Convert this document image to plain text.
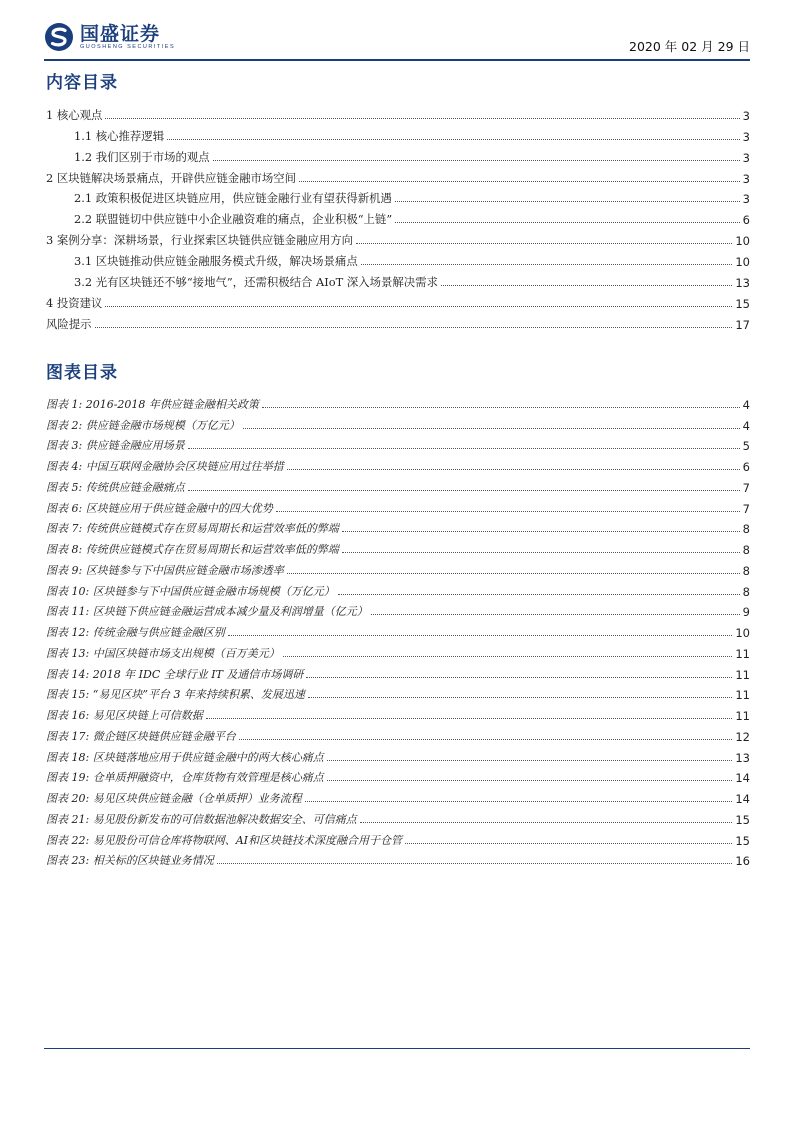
国盛证券
GUOSHENG SECURITIES	2020 年 02 月 29 日
内容目录
1 核心观点	3
1.1 核心推荐逻辑	3
1.2 我们区别于市场的观点	3
2 区块链解决场景痛点，开辟供应链金融市场空间	3
2.1 政策积极促进区块链应用，供应链金融行业有望获得新机遇	3
2.2 联盟链切中供应链中小企业融资难的痛点，企业积极“上链”	6
3 案例分享：深耕场景，行业探索区块链供应链金融应用方向	10
3.1 区块链推动供应链金融服务模式升级，解决场景痛点	10
3.2 光有区块链还不够“接地气”，还需积极结合 AIoT 深入场景解决需求	13
4 投资建议	15
风险提示	17
图表目录
图表 1: 2016-2018 年供应链金融相关政策	4
图表 2: 供应链金融市场规模（万亿元）	4
图表 3: 供应链金融应用场景	5
图表 4: 中国互联网金融协会区块链应用过往举措	6
图表 5: 传统供应链金融痛点	7
图表 6: 区块链应用于供应链金融中的四大优势	7
图表 7: 传统供应链模式存在贸易周期长和运营效率低的弊端	8
图表 8: 传统供应链模式存在贸易周期长和运营效率低的弊端	8
图表 9: 区块链参与下中国供应链金融市场渗透率	8
图表 10: 区块链参与下中国供应链金融市场规模（万亿元）	8
图表 11: 区块链下供应链金融运营成本减少量及利润增量（亿元）	9
图表 12: 传统金融与供应链金融区别	10
图表 13: 中国区块链市场支出规模（百万美元）	11
图表 14: 2018 年 IDC 全球行业 IT 及通信市场调研	11
图表 15: “易见区块”平台 3 年来持续积累、发展迅速	11
图表 16: 易见区块链上可信数据	11
图表 17: 微企链区块链供应链金融平台	12
图表 18: 区块链落地应用于供应链金融中的两大核心痛点	13
图表 19: 仓单质押融资中，仓库货物有效管理是核心痛点	14
图表 20: 易见区块供应链金融（仓单质押）业务流程	14
图表 21: 易见股份新发布的可信数据池解决数据安全、可信痛点	15
图表 22: 易见股份可信仓库将物联网、AI和区块链技术深度融合用于仓管	15
图表 23: 相关标的区块链业务情况	16
